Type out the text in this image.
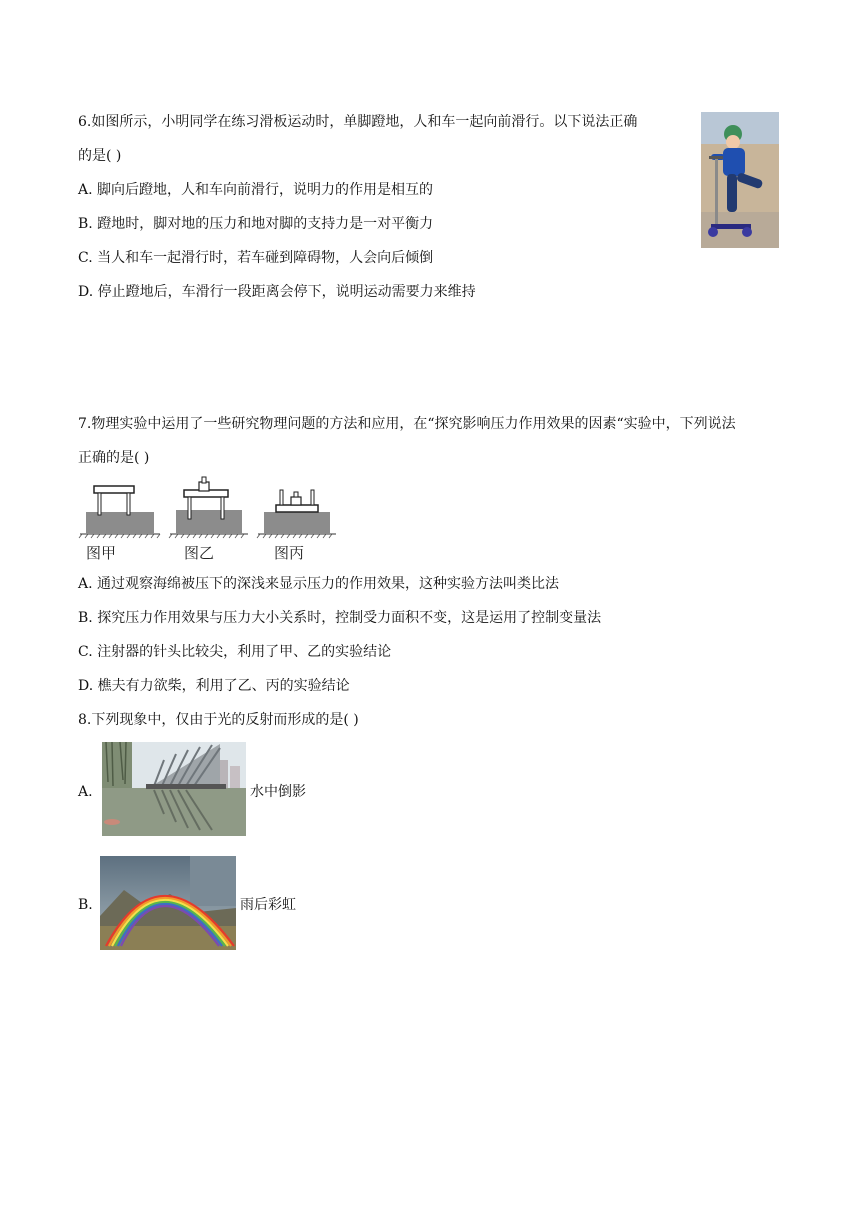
6.如图所示，小明同学在练习滑板运动时，单脚蹬地，人和车一起向前滑行。以下说法正确
的是( )
A. 脚向后蹬地，人和车向前滑行，说明力的作用是相互的
B. 蹬地时，脚对地的压力和地对脚的支持力是一对平衡力
C. 当人和车一起滑行时，若车碰到障碍物，人会向后倾倒
D. 停止蹬地后，车滑行一段距离会停下，说明运动需要力来维持
7.物理实验中运用了一些研究物理问题的方法和应用，在“探究影响压力作用效果的因素“实验中，下列说法
正确的是( )
图甲	图乙	图丙
A. 通过观察海绵被压下的深浅来显示压力的作用效果，这种实验方法叫类比法
B. 探究压力作用效果与压力大小关系时，控制受力面积不变，这是运用了控制变量法
C. 注射器的针头比较尖，利用了甲、乙的实验结论
D. 樵夫有力欲柴，利用了乙、丙的实验结论
8.下列现象中，仅由于光的反射而形成的是( )
A.	水中倒影
B.	雨后彩虹
